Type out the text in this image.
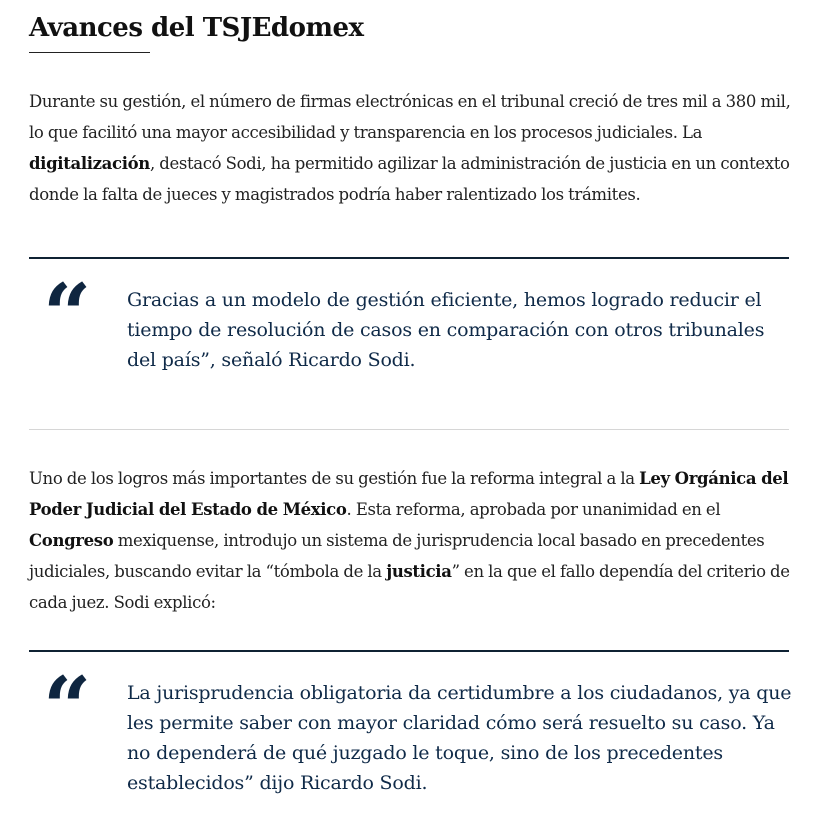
Avances del TSJEdomex

Durante su gestión, el número de firmas electrónicas en el tribunal creció de tres mil a 380 mil, lo que facilitó una mayor accesibilidad y transparencia en los procesos judiciales. La digitalización, destacó Sodi, ha permitido agilizar la administración de justicia en un contexto donde la falta de jueces y magistrados podría haber ralentizado los trámites.

“ Gracias a un modelo de gestión eficiente, hemos logrado reducir el tiempo de resolución de casos en comparación con otros tribunales del país”, señaló Ricardo Sodi.

Uno de los logros más importantes de su gestión fue la reforma integral a la Ley Orgánica del Poder Judicial del Estado de México. Esta reforma, aprobada por unanimidad en el Congreso mexiquense, introdujo un sistema de jurisprudencia local basado en precedentes judiciales, buscando evitar la “tómbola de la justicia” en la que el fallo dependía del criterio de cada juez. Sodi explicó:

“ La jurisprudencia obligatoria da certidumbre a los ciudadanos, ya que les permite saber con mayor claridad cómo será resuelto su caso. Ya no dependerá de qué juzgado le toque, sino de los precedentes establecidos” dijo Ricardo Sodi.
